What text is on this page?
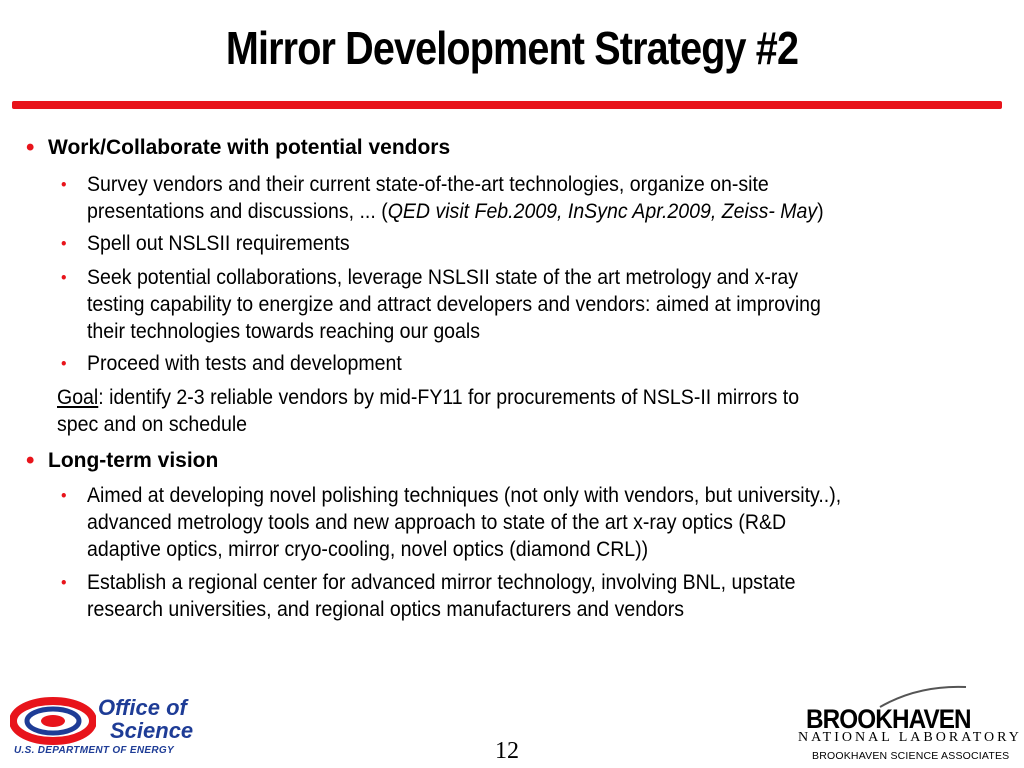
Mirror Development Strategy #2
• Work/Collaborate with potential vendors
• Survey vendors and their current state-of-the-art technologies, organize on-site
presentations and discussions, ... (QED visit Feb.2009, InSync Apr.2009, Zeiss- May)
• Spell out NSLSII requirements
• Seek potential collaborations, leverage NSLSII state of the art metrology and x-ray
testing capability to energize and attract developers and vendors: aimed at improving
their technologies towards reaching our goals
• Proceed with tests and development
Goal: identify 2-3 reliable vendors by mid-FY11 for procurements of NSLS-II mirrors to
spec and on schedule
• Long-term vision
• Aimed at developing novel polishing techniques (not only with vendors, but university..),
advanced metrology tools and new approach to state of the art x-ray optics (R&D
adaptive optics, mirror cryo-cooling, novel optics (diamond CRL))
• Establish a regional center for advanced mirror technology, involving BNL, upstate
research universities, and regional optics manufacturers and vendors
Office of
Science
U.S. DEPARTMENT OF ENERGY	12
BROOKHAVEN
NATIONAL LABORATORY
BROOKHAVEN SCIENCE ASSOCIATES
